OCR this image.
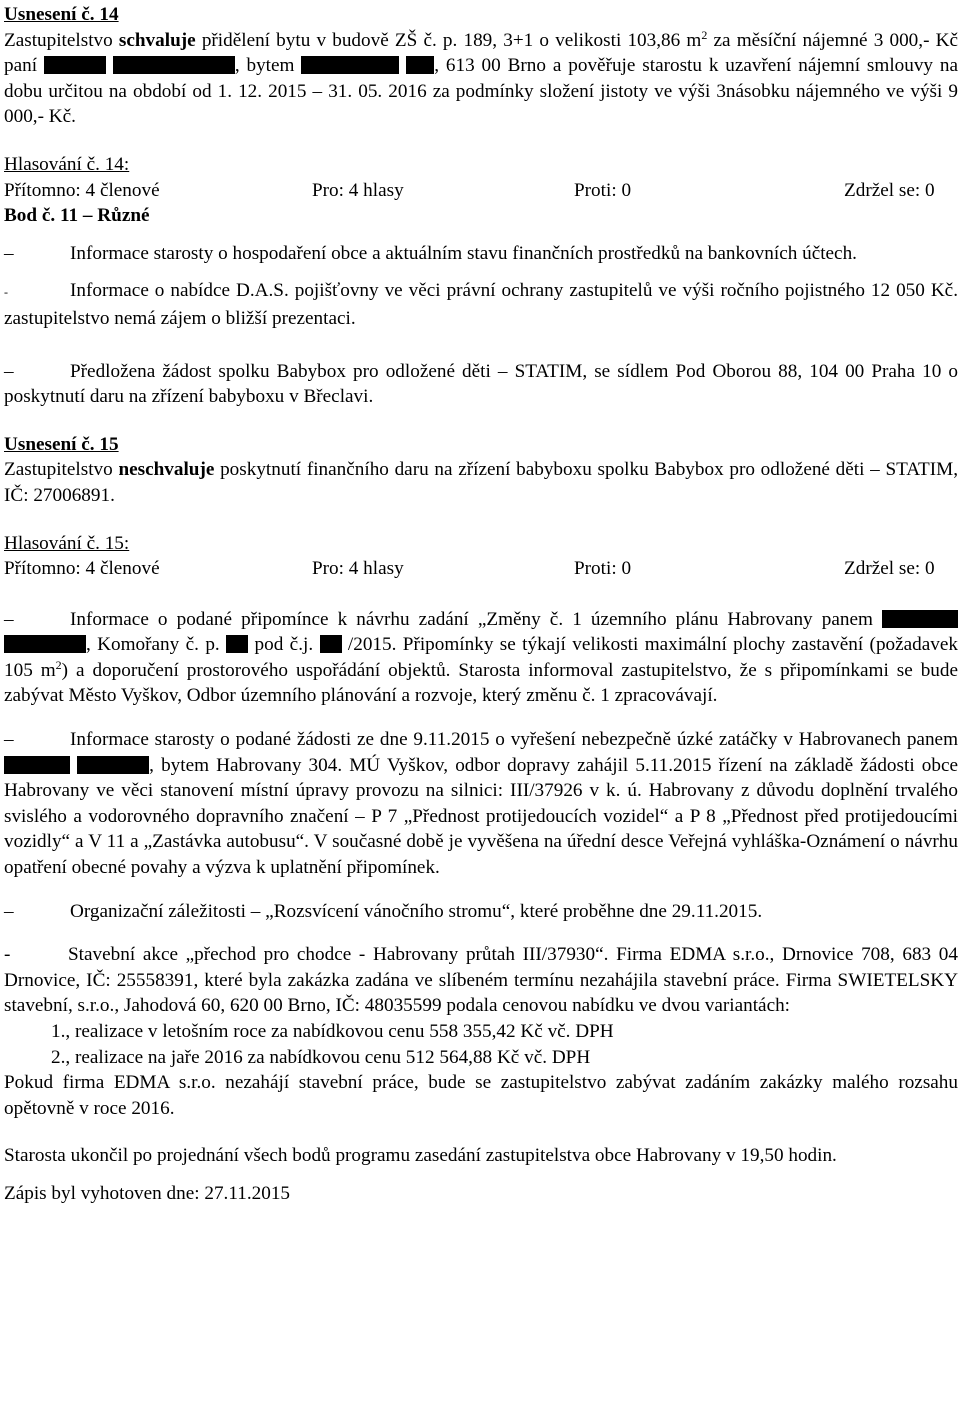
Usnesení č. 14

Zastupitelstvo schvaluje přidělení bytu v budově ZŠ č. p. 189, 3+1 o velikosti 103,86 $m^2$ za měsíční nájemné 3 000,- Kč paní	, bytem	, 613 00 Brno a pověřuje starostu k uzavření nájemní smlouvy na dobu určitou na období od 1. 12. 2015 – 31. 05. 2016 za podmínky složení jistoty ve výši 3násobku nájemného ve výši 9 000,- Kč.

Hlasování č. 14:

Přítomno: 4 členové	Pro: 4 hlasy	Proti: 0	Zdržel se: 0

Bod č. 11 – Různé

–	Informace starosty o hospodaření obce a aktuálním stavu finančních prostředků na bankovních účtech.

-	Informace o nabídce D.A.S. pojišťovny ve věci právní ochrany zastupitelů ve výši ročního pojistného 12 050 Kč. zastupitelstvo nemá zájem o bližší prezentaci.

–	Předložena žádost spolku Babybox pro odložené děti – STATIM, se sídlem Pod Oborou 88, 104 00 Praha 10 o poskytnutí daru na zřízení babyboxu v Břeclavi.

Usnesení č. 15

Zastupitelstvo neschvaluje poskytnutí finančního daru na zřízení babyboxu spolku Babybox pro odložené děti – STATIM, IČ: 27006891.

Hlasování č. 15:

Přítomno: 4 členové	Pro: 4 hlasy	Proti: 0	Zdržel se: 0

–	Informace o podané připomínce k návrhu zadání „Změny č. 1 územního plánu Habrovany panem  , Komořany č. p.  pod č.j.  /2015. Připomínky se týkají velikosti maximální plochy zastavění (požadavek 105 $m^2$) a doporučení prostorového uspořádání objektů. Starosta informoval zastupitelstvo, že s připomínkami se bude zabývat Město Vyškov, Odbor územního plánování a rozvoje, který změnu č. 1 zpracovávají.

–	Informace starosty o podané žádosti ze dne 9.11.2015 o vyřešení nebezpečně úzké zatáčky v Habrovanech panem  , bytem Habrovany 304. MÚ Vyškov, odbor dopravy zahájil 5.11.2015 řízení na základě žádosti obce Habrovany ve věci stanovení místní úpravy provozu na silnici: III/37926 v k. ú. Habrovany z důvodu doplnění trvalého svislého a vodorovného dopravního značení – P 7 „Přednost protijedoucích vozidel“ a P 8 „Přednost před protijedoucími vozidly“ a V 11 a „Zastávka autobusu“. V současné době je vyvěšena na úřední desce Veřejná vyhláška-Oznámení o návrhu opatření obecné povahy a výzva k uplatnění připomínek.

–	Organizační záležitosti – „Rozsvícení vánočního stromu“, které proběhne dne 29.11.2015.

-	Stavební akce „přechod pro chodce - Habrovany průtah III/37930“. Firma EDMA s.r.o., Drnovice 708, 683 04 Drnovice, IČ: 25558391, které byla zakázka zadána ve slíbeném termínu nezahájila stavební práce. Firma SWIETELSKY stavební, s.r.o., Jahodová 60, 620 00 Brno, IČ: 48035599 podala cenovou nabídku ve dvou variantách:

1., realizace v letošním roce za nabídkovou cenu 558 355,42 Kč vč. DPH

2., realizace na jaře 2016 za nabídkovou cenu 512 564,88 Kč vč. DPH

Pokud firma EDMA s.r.o. nezahájí stavební práce, bude se zastupitelstvo zabývat zadáním zakázky malého rozsahu opětovně v roce 2016.

Starosta ukončil po projednání všech bodů programu zasedání zastupitelstva obce Habrovany v 19,50 hodin.

Zápis byl vyhotoven dne: 27.11.2015
